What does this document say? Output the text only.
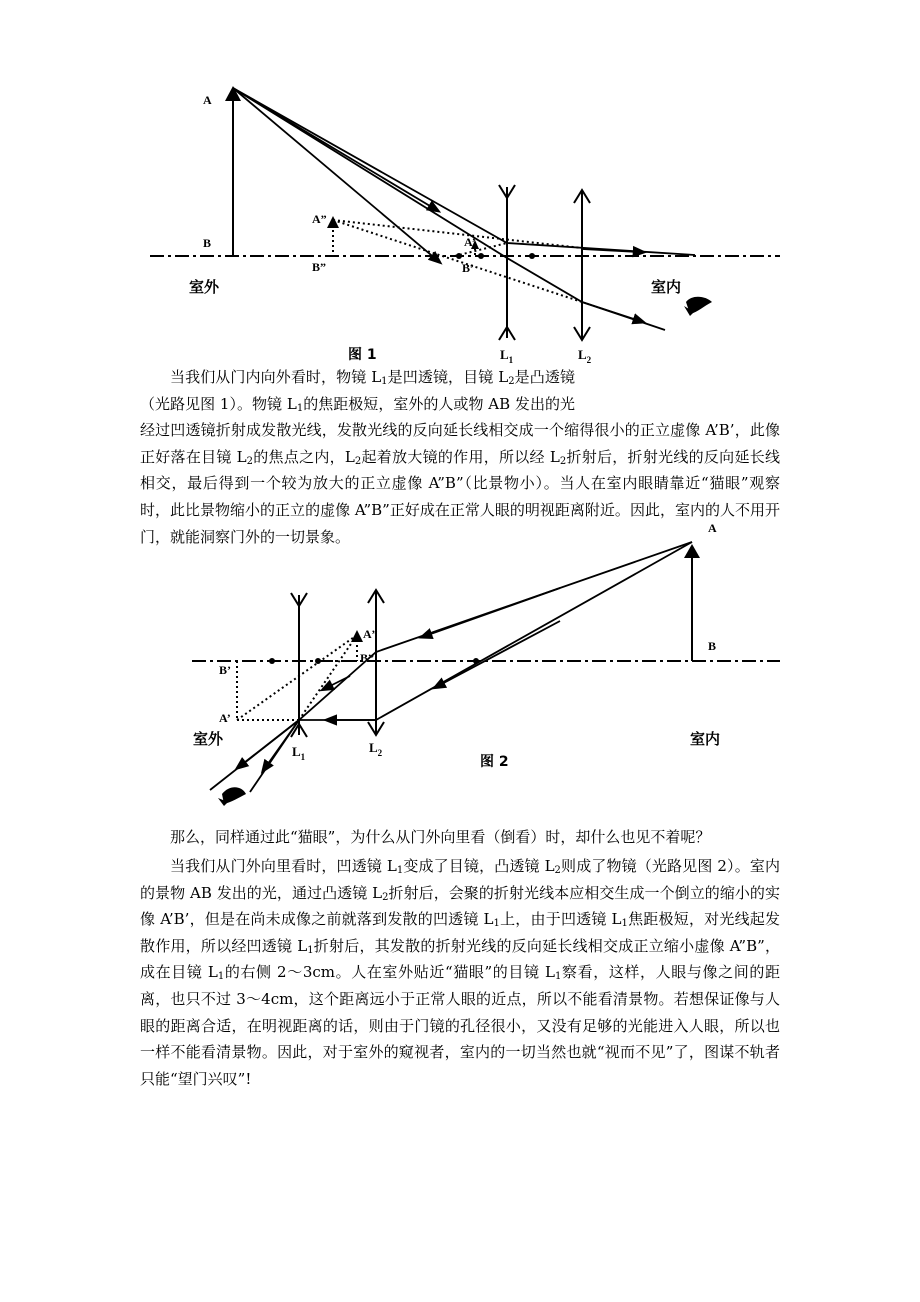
A
B
A”
B”
A’
B’
室外	室内
图 1	$L_1$	$L_2$

当我们从门内向外看时，物镜 $L_1$是凹透镜，目镜 $L_2$是凸透镜（光路见图 1）。物镜 $L_1$的焦距极短，室外的人或物 AB 发出的光经过凹透镜折射成发散光线，发散光线的反向延长线相交成一个缩得很小的正立虚像 A’B’，此像正好落在目镜 $L_2$的焦点之内，$L_2$起着放大镜的作用，所以经 $L_2$折射后，折射光线的反向延长线相交，最后得到一个较为放大的正立虚像 A”B”（比景物小）。当人在室内眼睛靠近“猫眼”观察时，此比景物缩小的正立的虚像 A”B”正好成在正常人眼的明视距离附近。因此，室内的人不用开门，就能洞察门外的一切景象。	A
B
A”
B”
B’
A’
室外	室内
图 2
$L_1$
$L_2$

那么，同样通过此“猫眼”，为什么从门外向里看（倒看）时，却什么也见不着呢？

当我们从门外向里看时，凹透镜 $L_1$变成了目镜，凸透镜 $L_2$则成了物镜（光路见图 2）。室内的景物 AB 发出的光，通过凸透镜 $L_2$折射后，会聚的折射光线本应相交生成一个倒立的缩小的实像 A’B’，但是在尚未成像之前就落到发散的凹透镜 $L_1$上，由于凹透镜 $L_1$焦距极短，对光线起发散作用，所以经凹透镜 $L_1$折射后，其发散的折射光线的反向延长线相交成正立缩小虚像 A”B”，成在目镜 $L_1$的右侧 2～3cm。人在室外贴近“猫眼”的目镜 $L_1$察看，这样，人眼与像之间的距离，也只不过 3～4cm，这个距离远小于正常人眼的近点，所以不能看清景物。若想保证像与人眼的距离合适，在明视距离的话，则由于门镜的孔径很小，又没有足够的光能进入人眼，所以也一样不能看清景物。因此，对于室外的窥视者，室内的一切当然也就“视而不见”了，图谋不轨者只能“望门兴叹”!
